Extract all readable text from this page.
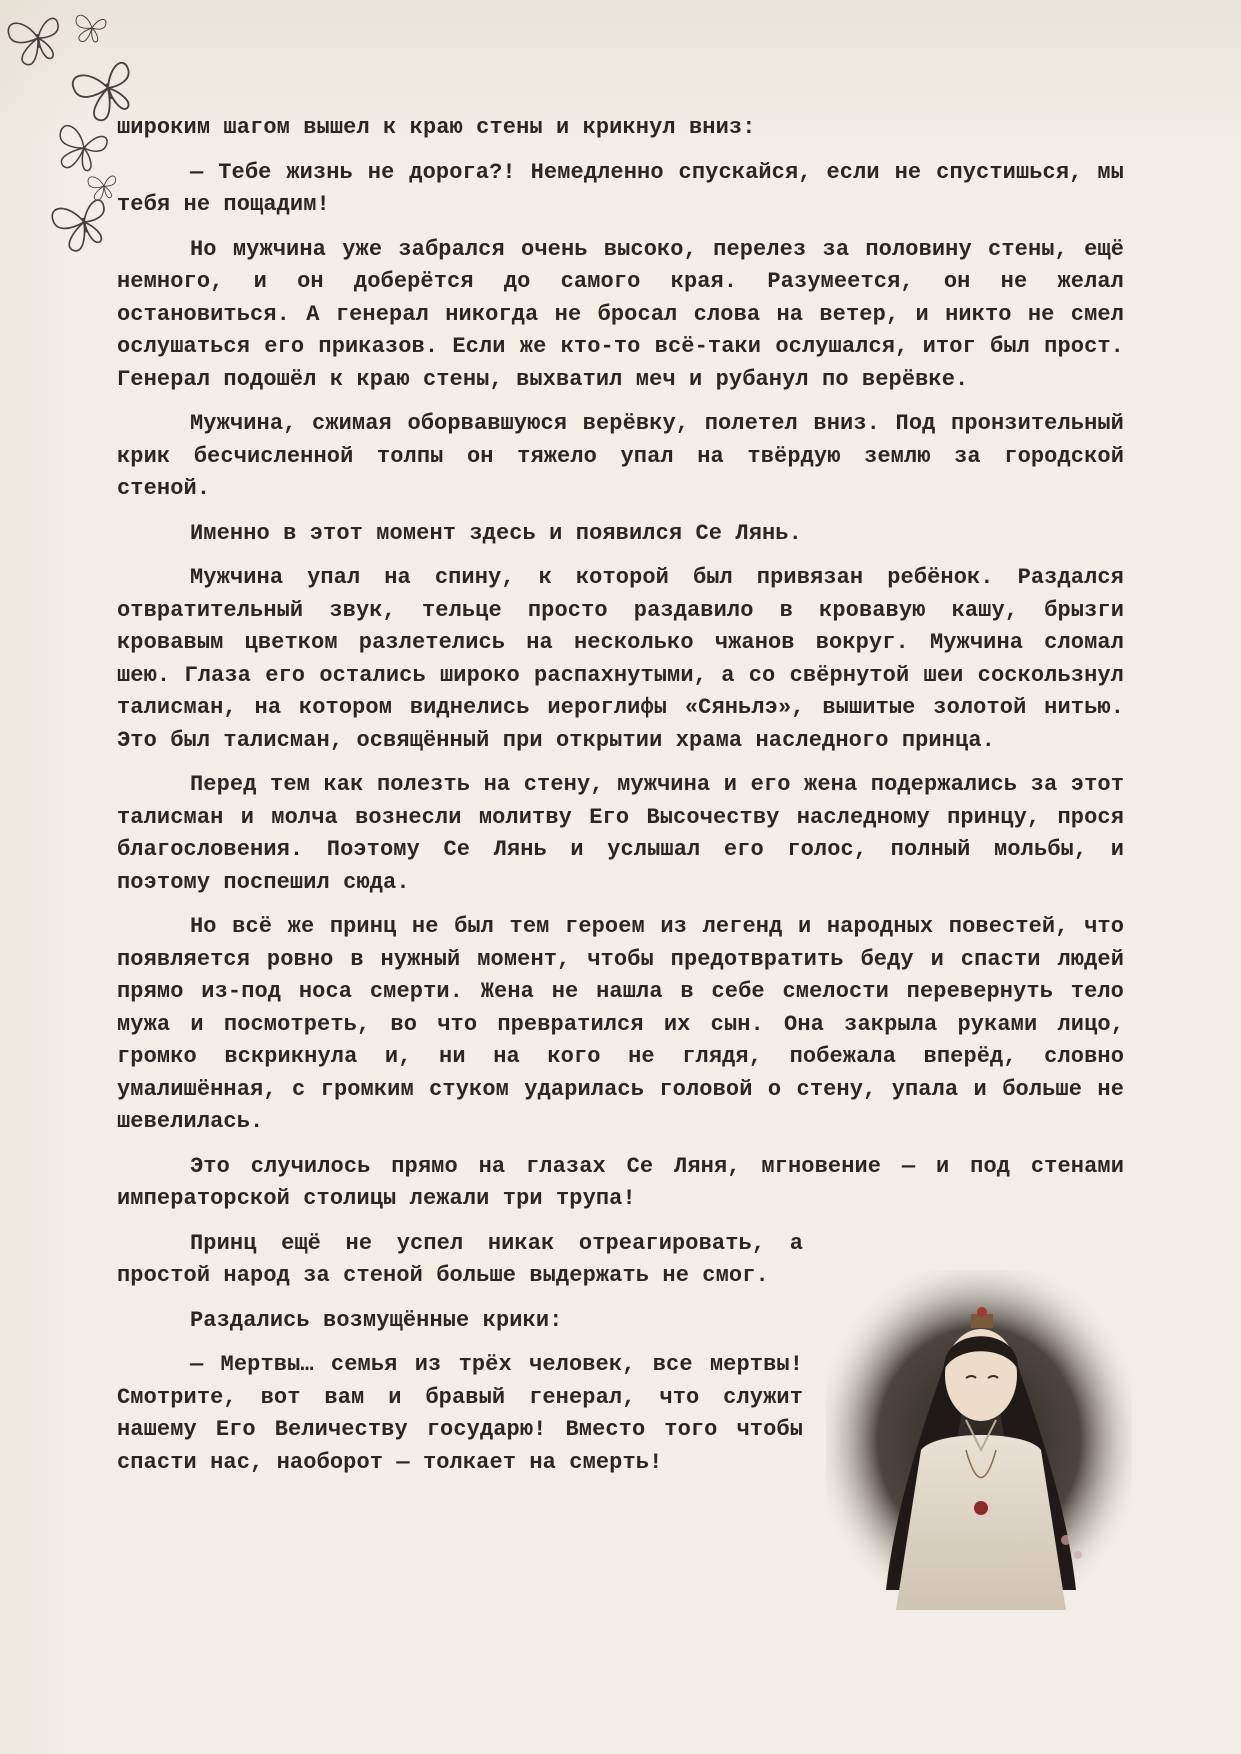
широким шагом вышел к краю стены и крикнул вниз:

— Тебе жизнь не дорога?! Немедленно спускайся, если не спустишься, мы тебя не пощадим!

Но мужчина уже забрался очень высоко, перелез за половину стены, ещё немного, и он доберётся до самого края. Разумеется, он не желал остановиться. А генерал никогда не бросал слова на ветер, и никто не смел ослушаться его приказов. Если же кто-то всё-таки ослушался, итог был прост. Генерал подошёл к краю стены, выхватил меч и рубанул по верёвке.

Мужчина, сжимая оборвавшуюся верёвку, полетел вниз. Под пронзительный крик бесчисленной толпы он тяжело упал на твёрдую землю за городской стеной.

Именно в этот момент здесь и появился Се Лянь.

Мужчина упал на спину, к которой был привязан ребёнок. Раздался отвратительный звук, тельце просто раздавило в кровавую кашу, брызги кровавым цветком разлетелись на несколько чжанов вокруг. Мужчина сломал шею. Глаза его остались широко распахнутыми, а со свёрнутой шеи соскользнул талисман, на котором виднелись иероглифы «Сяньлэ», вышитые золотой нитью. Это был талисман, освящённый при открытии храма наследного принца.

Перед тем как полезть на стену, мужчина и его жена подержались за этот талисман и молча вознесли молитву Его Высочеству наследному принцу, прося благословения. Поэтому Се Лянь и услышал его голос, полный мольбы, и поэтому поспешил сюда.

Но всё же принц не был тем героем из легенд и народных повестей, что появляется ровно в нужный момент, чтобы предотвратить беду и спасти людей прямо из-под носа смерти. Жена не нашла в себе смелости перевернуть тело мужа и посмотреть, во что превратился их сын. Она закрыла руками лицо, громко вскрикнула и, ни на кого не глядя, побежала вперёд, словно умалишённая, с громким стуком ударилась головой о стену, упала и больше не шевелилась.

Это случилось прямо на глазах Се Ляня, мгновение — и под стенами императорской столицы лежали три трупа!

Принц ещё не успел никак отреагировать, а простой народ за стеной больше выдержать не смог.

Раздались возмущённые крики:

— Мертвы… семья из трёх человек, все мертвы! Смотрите, вот вам и бравый генерал, что служит нашему Его Величеству государю! Вместо того чтобы спасти нас, наоборот — толкает на смерть!
